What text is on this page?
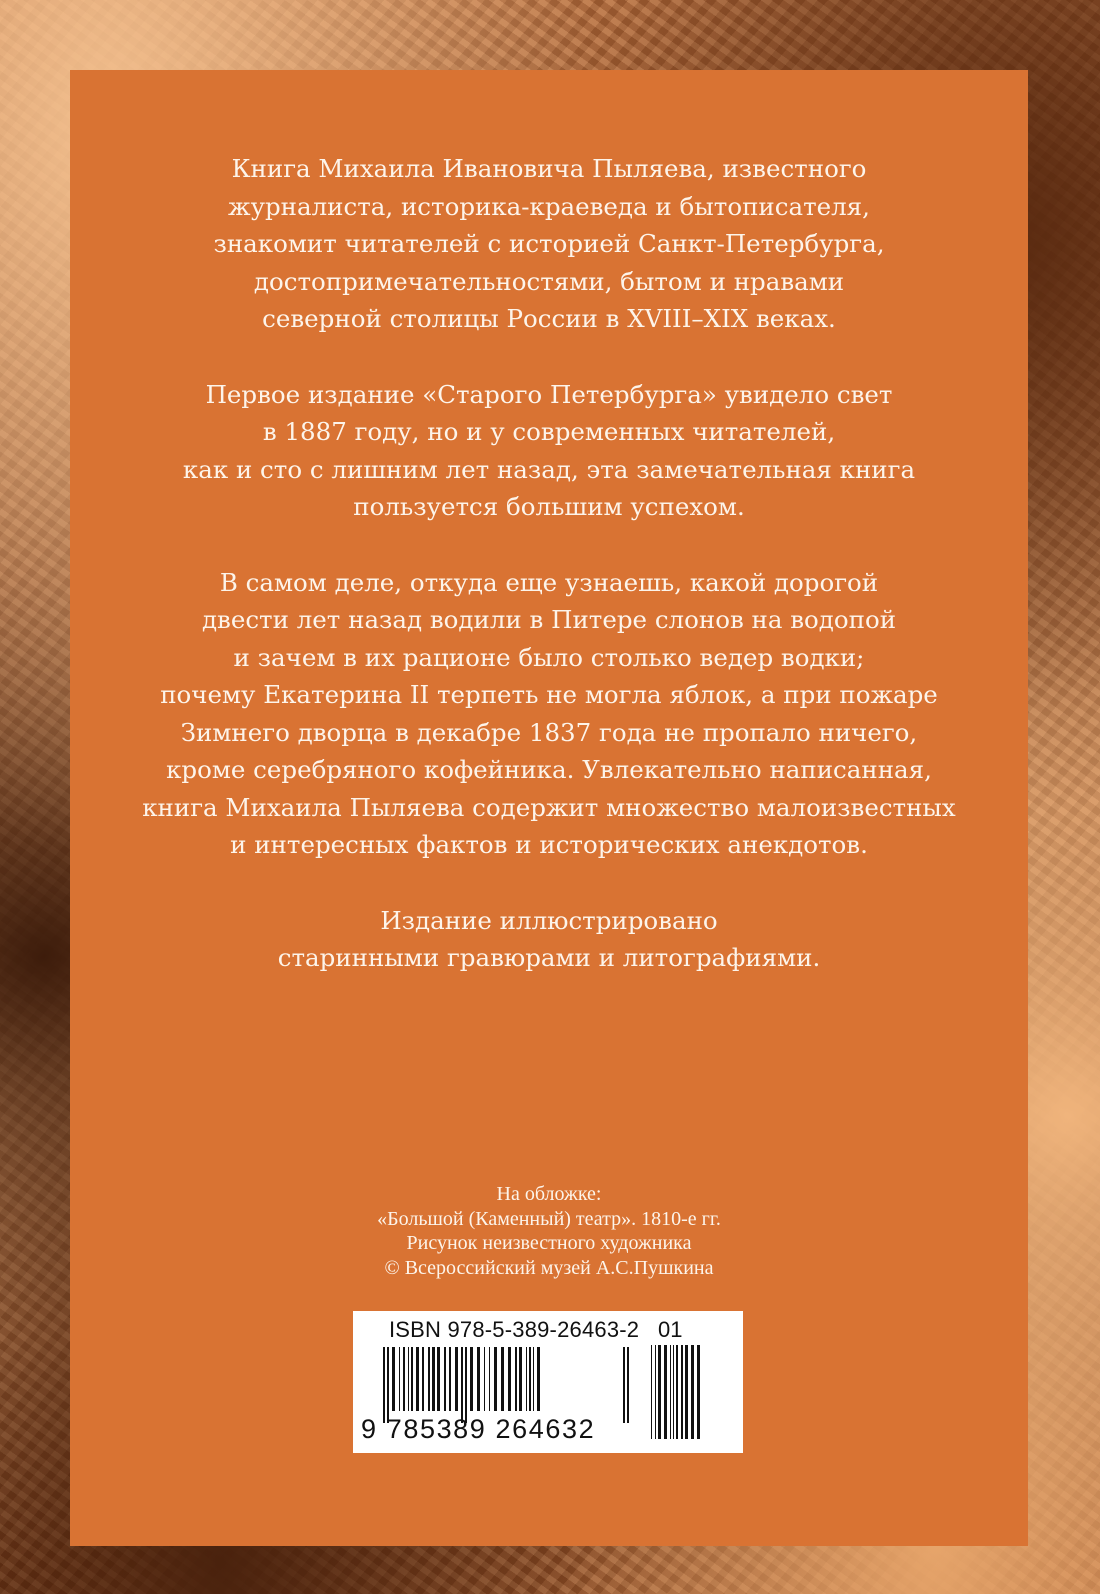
Книга Михаила Ивановича Пыляева, известного
журналиста, историка-краеведа и бытописателя,
знакомит читателей с историей Санкт-Петербурга,
достопримечательностями, бытом и нравами
северной столицы России в XVIII–XIX веках.

Первое издание «Старого Петербурга» увидело свет
в 1887 году, но и у современных читателей,
как и сто с лишним лет назад, эта замечательная книга
пользуется большим успехом.

В самом деле, откуда еще узнаешь, какой дорогой
двести лет назад водили в Питере слонов на водопой
и зачем в их рационе было столько ведер водки;
почему Екатерина II терпеть не могла яблок, а при пожаре
Зимнего дворца в декабре 1837 года не пропало ничего,
кроме серебряного кофейника. Увлекательно написанная,
книга Михаила Пыляева содержит множество малоизвестных
и интересных фактов и исторических анекдотов.

Издание иллюстрировано
старинными гравюрами и литографиями.

На обложке:
«Большой (Каменный) театр». 1810-е гг.
Рисунок неизвестного художника
© Всероссийский музей А.С.Пушкина
ISBN 978-5-389-26463-2 01
9 785389 264632
